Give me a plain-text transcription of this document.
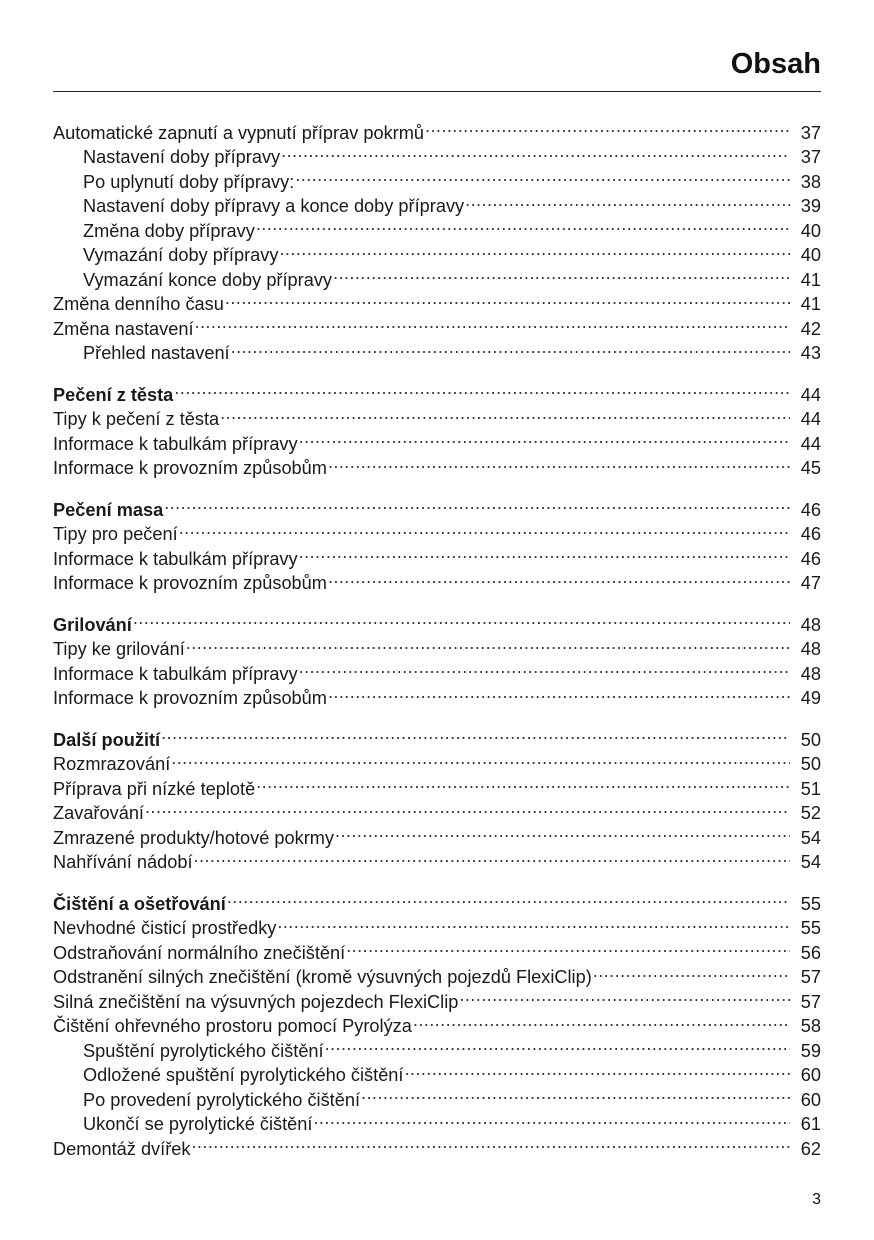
Obsah
Automatické zapnutí a vypnutí příprav pokrmů .....	37
Nastavení doby přípravy .....	37
Po uplynutí doby přípravy: .....	38
Nastavení doby přípravy a konce doby přípravy .....	39
Změna doby přípravy .....	40
Vymazání doby přípravy .....	40
Vymazání konce doby přípravy .....	41
Změna denního času .....	41
Změna nastavení .....	42
Přehled nastavení .....	43
Pečení z těsta .....	44
Tipy k pečení z těsta .....	44
Informace k tabulkám přípravy .....	44
Informace k provozním způsobům .....	45
Pečení masa .....	46
Tipy pro pečení .....	46
Informace k tabulkám přípravy .....	46
Informace k provozním způsobům .....	47
Grilování .....	48
Tipy ke grilování .....	48
Informace k tabulkám přípravy .....	48
Informace k provozním způsobům .....	49
Další použití .....	50
Rozmrazování .....	50
Příprava při nízké teplotě .....	51
Zavařování .....	52
Zmrazené produkty/hotové pokrmy .....	54
Nahřívání nádobí .....	54
Čištění a ošetřování .....	55
Nevhodné čisticí prostředky .....	55
Odstraňování normálního znečištění .....	56
Odstranění silných znečištění (kromě výsuvných pojezdů FlexiClip) .....	57
Silná znečištění na výsuvných pojezdech FlexiClip .....	57
Čištění ohřevného prostoru pomocí Pyrolýza .....	58
Spuštění pyrolytického čištění .....	59
Odložené spuštění pyrolytického čištění .....	60
Po provedení pyrolytického čištění .....	60
Ukončí se pyrolytické čištění .....	61
Demontáž dvířek .....	62
3
